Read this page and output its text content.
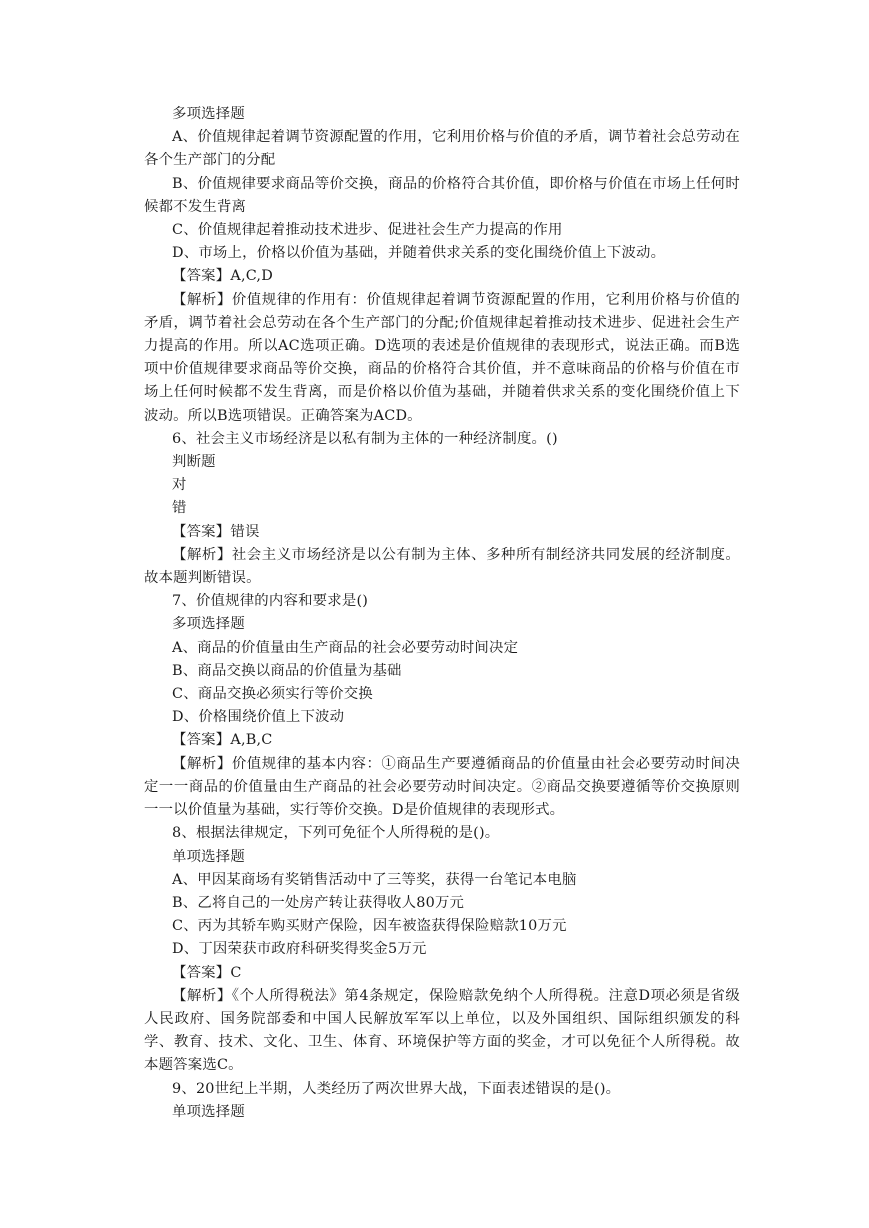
多项选择题

A、价值规律起着调节资源配置的作用，它利用价格与价值的矛盾，调节着社会总劳动在各个生产部门的分配

B、价值规律要求商品等价交换，商品的价格符合其价值，即价格与价值在市场上任何时候都不发生背离

C、价值规律起着推动技术进步、促进社会生产力提高的作用

D、市场上，价格以价值为基础，并随着供求关系的变化围绕价值上下波动。

【答案】A,C,D

【解析】价值规律的作用有：价值规律起着调节资源配置的作用，它利用价格与价值的矛盾，调节着社会总劳动在各个生产部门的分配;价值规律起着推动技术进步、促进社会生产力提高的作用。所以AC选项正确。D选项的表述是价值规律的表现形式，说法正确。而B选项中价值规律要求商品等价交换，商品的价格符合其价值，并不意味商品的价格与价值在市场上任何时候都不发生背离，而是价格以价值为基础，并随着供求关系的变化围绕价值上下波动。所以B选项错误。正确答案为ACD。

6、社会主义市场经济是以私有制为主体的一种经济制度。()

判断题

对

错

【答案】错误

【解析】社会主义市场经济是以公有制为主体、多种所有制经济共同发展的经济制度。故本题判断错误。

7、价值规律的内容和要求是()

多项选择题

A、商品的价值量由生产商品的社会必要劳动时间决定

B、商品交换以商品的价值量为基础

C、商品交换必须实行等价交换

D、价格围绕价值上下波动

【答案】A,B,C

【解析】价值规律的基本内容：①商品生产要遵循商品的价值量由社会必要劳动时间决定一一商品的价值量由生产商品的社会必要劳动时间决定。②商品交换要遵循等价交换原则一一以价值量为基础，实行等价交换。D是价值规律的表现形式。

8、根据法律规定，下列可免征个人所得税的是()。

单项选择题

A、甲因某商场有奖销售活动中了三等奖，获得一台笔记本电脑

B、乙将自己的一处房产转让获得收人80万元

C、丙为其轿车购买财产保险，因车被盗获得保险赔款10万元

D、丁因荣获市政府科研奖得奖金5万元

【答案】C

【解析】《个人所得税法》第4条规定，保险赔款免纳个人所得税。注意D项必须是省级人民政府、国务院部委和中国人民解放军军以上单位，以及外国组织、国际组织颁发的科学、教育、技术、文化、卫生、体育、环境保护等方面的奖金，才可以免征个人所得税。故本题答案选C。

9、20世纪上半期，人类经历了两次世界大战，下面表述错误的是()。

单项选择题
